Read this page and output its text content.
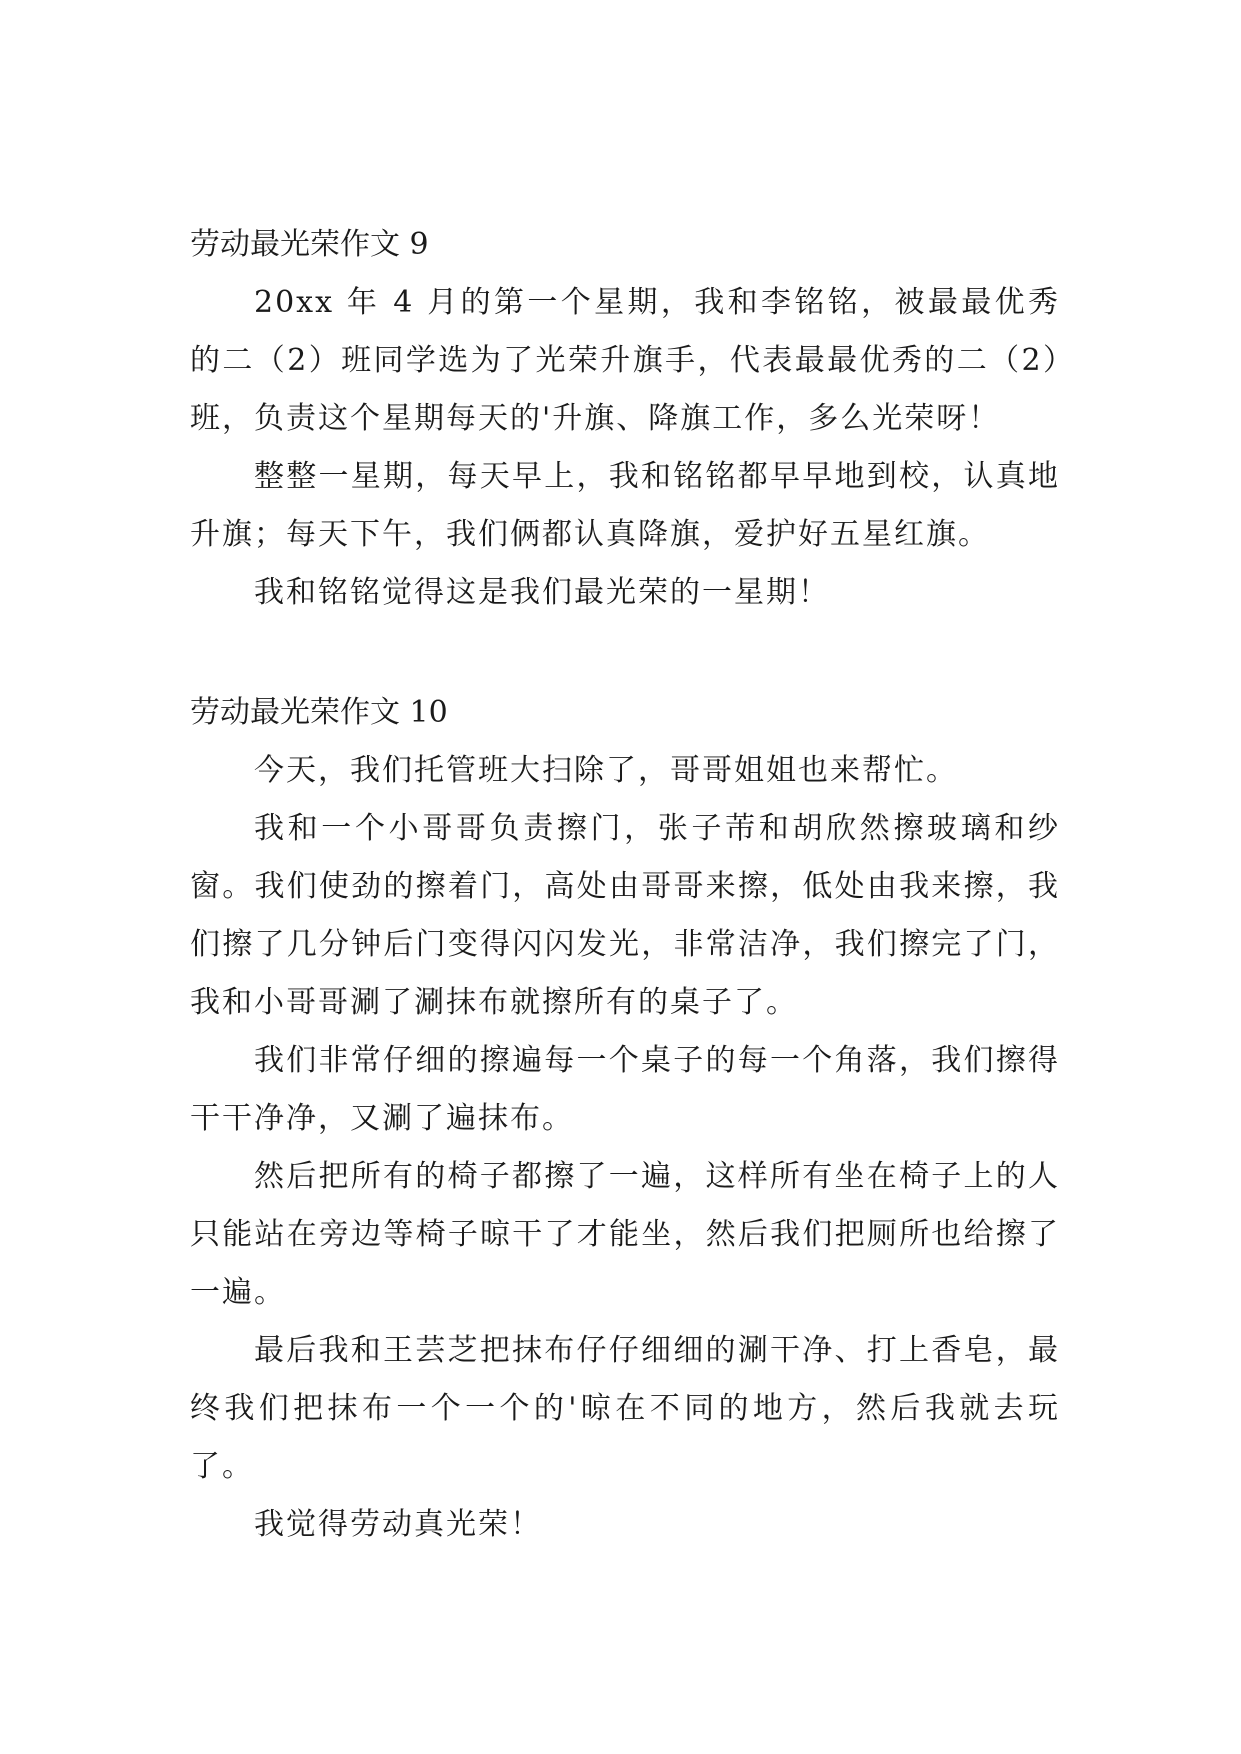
劳动最光荣作文 9

20xx 年 4 月的第一个星期，我和李铭铭，被最最优秀的二（2）班同学选为了光荣升旗手，代表最最优秀的二（2）班，负责这个星期每天的'升旗、降旗工作，多么光荣呀！

整整一星期，每天早上，我和铭铭都早早地到校，认真地升旗；每天下午，我们俩都认真降旗，爱护好五星红旗。

我和铭铭觉得这是我们最光荣的一星期！

劳动最光荣作文 10

今天，我们托管班大扫除了，哥哥姐姐也来帮忙。

我和一个小哥哥负责擦门，张子芾和胡欣然擦玻璃和纱窗。我们使劲的擦着门，高处由哥哥来擦，低处由我来擦，我们擦了几分钟后门变得闪闪发光，非常洁净，我们擦完了门，我和小哥哥涮了涮抹布就擦所有的桌子了。

我们非常仔细的擦遍每一个桌子的每一个角落，我们擦得干干净净，又涮了遍抹布。

然后把所有的椅子都擦了一遍，这样所有坐在椅子上的人只能站在旁边等椅子晾干了才能坐，然后我们把厕所也给擦了一遍。

最后我和王芸芝把抹布仔仔细细的涮干净、打上香皂，最终我们把抹布一个一个的'晾在不同的地方，然后我就去玩了。

我觉得劳动真光荣！
